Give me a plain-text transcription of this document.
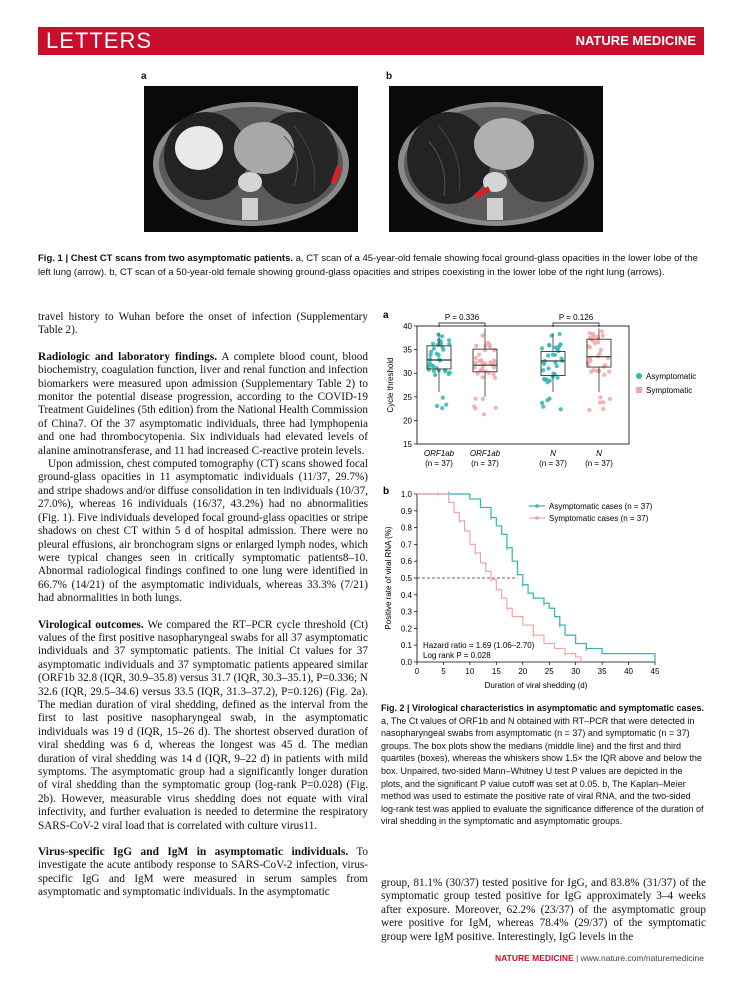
LETTERS	NATURE MEDICINE
a	b
Fig. 1 | Chest CT scans from two asymptomatic patients. a, CT scan of a 45-year-old female showing focal ground-glass opacities in the lower lobe of the left lung (arrow). b, CT scan of a 50-year-old female showing ground-glass opacities and stripes coexisting in the lower lobe of the right lung (arrows).

travel history to Wuhan before the onset of infection (Supplementary Table 2).

Radiologic and laboratory findings. A complete blood count, blood biochemistry, coagulation function, liver and renal function and infection biomarkers were measured upon admission (Supplementary Table 2) to monitor the potential disease progression, according to the COVID-19 Treatment Guidelines (5th edition) from the National Health Commission of China7. Of the 37 asymptomatic individuals, three had lymphopenia and one had thrombocytopenia. Six individuals had elevated levels of alanine aminotransferase, and 11 had increased C-reactive protein levels.

Upon admission, chest computed tomography (CT) scans showed focal ground-glass opacities in 11 asymptomatic individuals (11/37, 29.7%) and stripe shadows and/or diffuse consolidation in ten individuals (10/37, 27.0%), whereas 16 individuals (16/37, 43.2%) had no abnormalities (Fig. 1). Five individuals developed focal ground-glass opacities or stripe shadows on chest CT within 5 d of hospital admission. There were no pleural effusions, air bronchogram signs or enlarged lymph nodes, which were typical changes seen in critically symptomatic patients8–10. Abnormal radiological findings confined to one lung were identified in 66.7% (14/21) of the asymptomatic individuals, whereas 33.3% (7/21) had abnormalities in both lungs.

Virological outcomes. We compared the RT–PCR cycle threshold (Ct) values of the first positive nasopharyngeal swabs for all 37 asymptomatic individuals and 37 symptomatic patients. The initial Ct values for 37 asymptomatic individuals and 37 symptomatic patients appeared similar (ORF1b 32.8 (IQR, 30.9–35.8) versus 31.7 (IQR, 30.3–35.1), P=0.336; N 32.6 (IQR, 29.5–34.6) versus 33.5 (IQR, 31.3–37.2), P=0.126) (Fig. 2a). The median duration of viral shedding, defined as the interval from the first to last positive nasopharyngeal swab, in the asymptomatic individuals was 19 d (IQR, 15–26 d). The shortest observed duration of viral shedding was 6 d, whereas the longest was 45 d. The median duration of viral shedding was 14 d (IQR, 9–22 d) in patients with mild symptoms. The asymptomatic group had a significantly longer duration of viral shedding than the symptomatic group (log-rank P=0.028) (Fig. 2b). However, measurable virus shedding does not equate with viral infectivity, and further evaluation is needed to determine the respiratory SARS-CoV-2 viral load that is correlated with culture virus11.

Virus-specific IgG and IgM in asymptomatic individuals. To investigate the acute antibody response to SARS-CoV-2 infection, virus-specific IgG and IgM were measured in serum samples from asymptomatic and symptomatic individuals. In the asymptomatic

a
b
15
20
25
30
35
40
Cycle threshold
ORF1ab
(n = 37)
ORF1ab
(n = 37)
N
(n = 37)
N
(n = 37)
P = 0.336	P = 0.126
Asymptomatic
Symptomatic
0.0
0.1
0.2
0.3
0.4
0.5
0.6
0.7
0.8
0.9
1.0
0	5 10 15 20 25 30 35 40 45
Duration of viral shedding (d)
Positive rate of viral RNA (%)
Asymptomatic cases (n = 37)
Symptomatic cases (n = 37)
Hazard ratio = 1.69 (1.06–2.70)
Log rank P = 0.028
Fig. 2 | Virological characteristics in asymptomatic and symptomatic cases. a, The Ct values of ORF1b and N obtained with RT–PCR that were detected in nasopharyngeal swabs from asymptomatic (n = 37) and symptomatic (n = 37) groups. The box plots show the medians (middle line) and the first and third quartiles (boxes), whereas the whiskers show 1.5× the IQR above and below the box. Unpaired, two-sided Mann–Whitney U test P values are depicted in the plots, and the significant P value cutoff was set at 0.05. b, The Kaplan–Meier method was used to estimate the positive rate of viral RNA, and the two-sided log-rank test was applied to evaluate the significance difference of the duration of viral shedding in the symptomatic and asymptomatic groups.

group, 81.1% (30/37) tested positive for IgG, and 83.8% (31/37) of the symptomatic group tested positive for IgG approximately 3–4 weeks after exposure. Moreover, 62.2% (23/37) of the asymptomatic group were positive for IgM, whereas 78.4% (29/37) of the symptomatic group were IgM positive. Interestingly, IgG levels in the

NATURE MEDICINE | www.nature.com/naturemedicine
